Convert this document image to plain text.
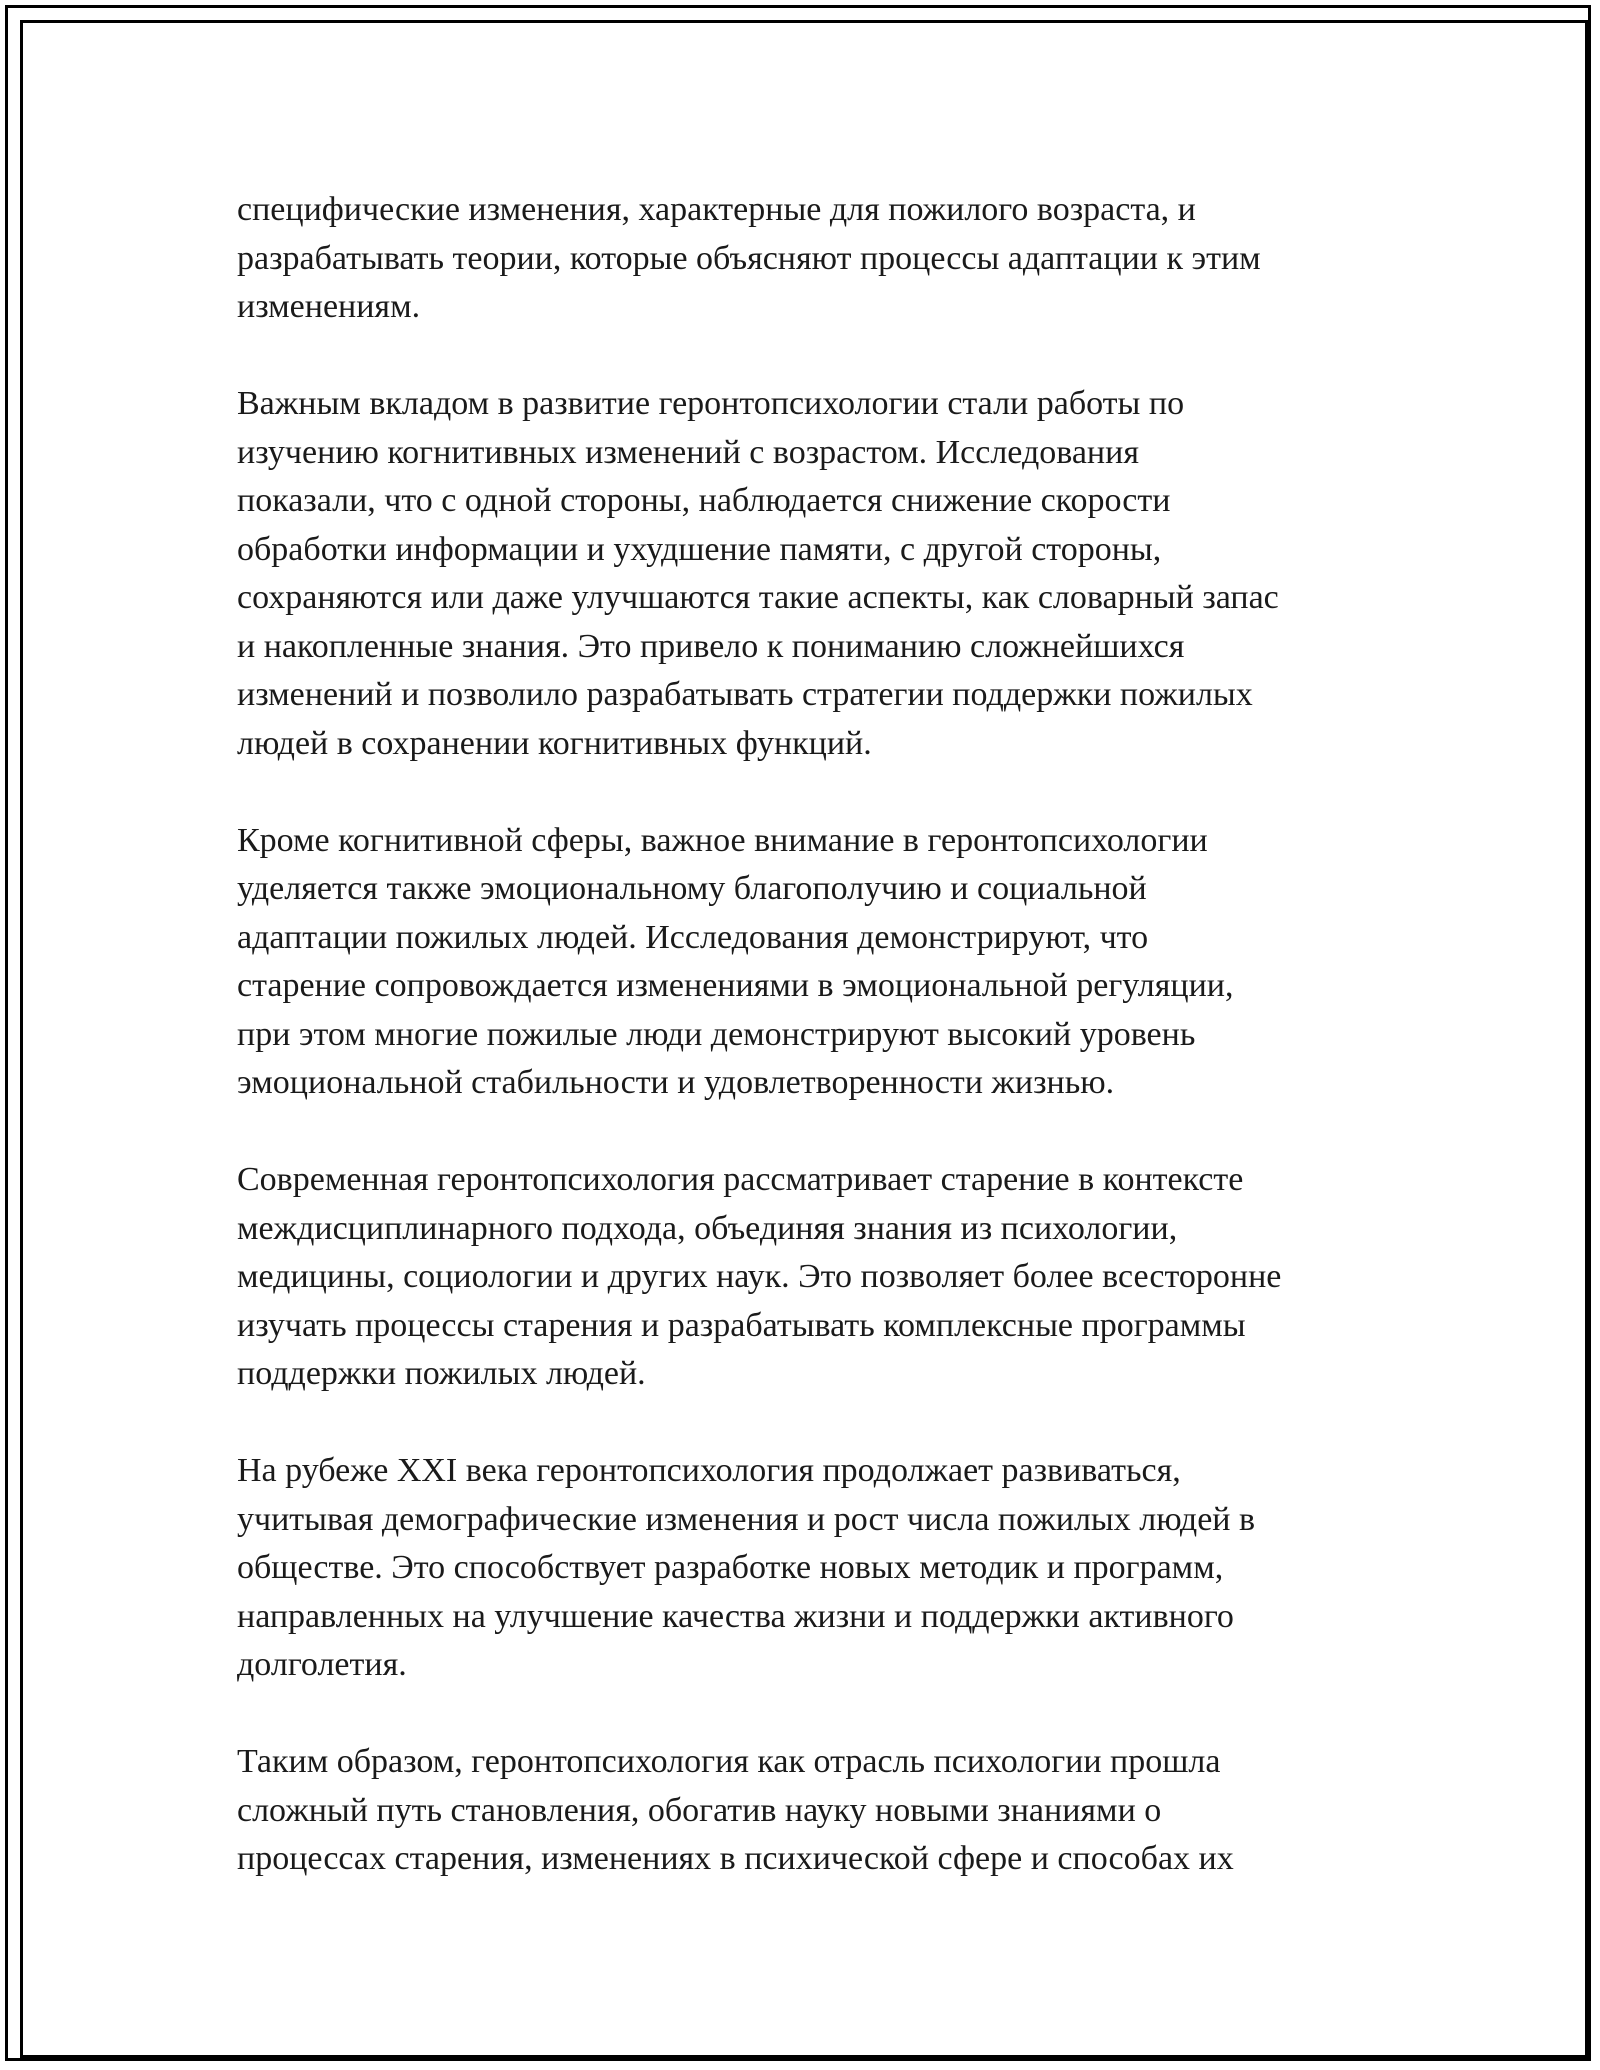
специфические изменения, характерные для пожилого возраста, и
разрабатывать теории, которые объясняют процессы адаптации к этим
изменениям.

Важным вкладом в развитие геронтопсихологии стали работы по
изучению когнитивных изменений с возрастом. Исследования
показали, что с одной стороны, наблюдается снижение скорости
обработки информации и ухудшение памяти, с другой стороны,
сохраняются или даже улучшаются такие аспекты, как словарный запас
и накопленные знания. Это привело к пониманию сложнейшихся
изменений и позволило разрабатывать стратегии поддержки пожилых
людей в сохранении когнитивных функций.

Кроме когнитивной сферы, важное внимание в геронтопсихологии
уделяется также эмоциональному благополучию и социальной
адаптации пожилых людей. Исследования демонстрируют, что
старение сопровождается изменениями в эмоциональной регуляции,
при этом многие пожилые люди демонстрируют высокий уровень
эмоциональной стабильности и удовлетворенности жизнью.

Современная геронтопсихология рассматривает старение в контексте
междисциплинарного подхода, объединяя знания из психологии,
медицины, социологии и других наук. Это позволяет более всесторонне
изучать процессы старения и разрабатывать комплексные программы
поддержки пожилых людей.

На рубеже XXI века геронтопсихология продолжает развиваться,
учитывая демографические изменения и рост числа пожилых людей в
обществе. Это способствует разработке новых методик и программ,
направленных на улучшение качества жизни и поддержки активного
долголетия.

Таким образом, геронтопсихология как отрасль психологии прошла
сложный путь становления, обогатив науку новыми знаниями о
процессах старения, изменениях в психической сфере и способах их
